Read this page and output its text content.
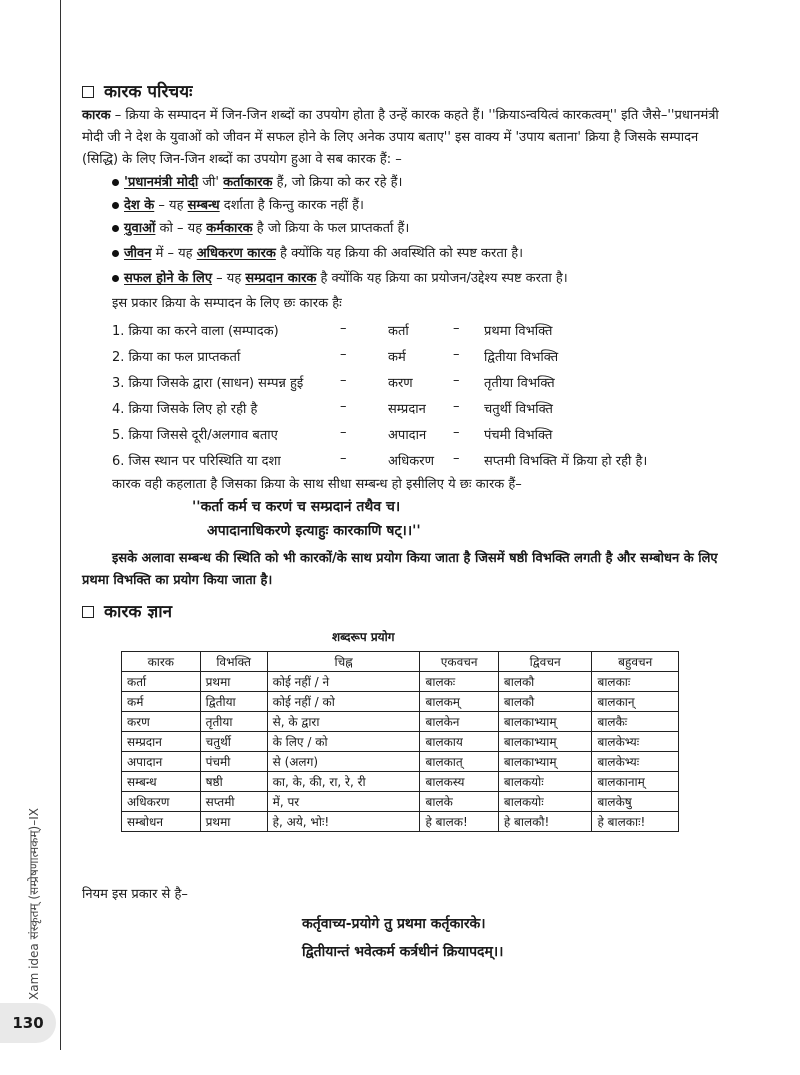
Xam idea संस्कृतम् (सम्प्रेषणात्मकम्)–IX
130
कारक परिचयः
कारक – क्रिया के सम्पादन में जिन-जिन शब्दों का उपयोग होता है उन्हें कारक कहते हैं। ''क्रियाऽन्वयित्वं कारकत्वम्'' इति जैसे–''प्रधानमंत्री मोदी जी ने देश के युवाओं को जीवन में सफल होने के लिए अनेक उपाय बताए'' इस वाक्य में 'उपाय बताना' क्रिया है जिसके सम्पादन (सिद्धि) के लिए जिन-जिन शब्दों का उपयोग हुआ वे सब कारक हैं: –
'प्रधानमंत्री मोदी जी' कर्ताकारक हैं, जो क्रिया को कर रहे हैं।
देश के – यह सम्बन्ध दर्शाता है किन्तु कारक नहीं हैं।
युवाओं को – यह कर्मकारक है जो क्रिया के फल प्राप्तकर्ता हैं।
जीवन में – यह अधिकरण कारक है क्योंकि यह क्रिया की अवस्थिति को स्पष्ट करता है।
सफल होने के लिए – यह सम्प्रदान कारक है क्योंकि यह क्रिया का प्रयोजन/उद्देश्य स्पष्ट करता है।
इस प्रकार क्रिया के सम्पादन के लिए छः कारक हैः
1. क्रिया का करने वाला (सम्पादक)	–	कर्ता	– प्रथमा विभक्ति
2. क्रिया का फल प्राप्तकर्ता	–	कर्म	– द्वितीया विभक्ति
3. क्रिया जिसके द्वारा (साधन) सम्पन्न हुई	–	करण	– तृतीया विभक्ति
4. क्रिया जिसके लिए हो रही है	–	सम्प्रदान – चतुर्थी विभक्ति
5. क्रिया जिससे दूरी/अलगाव बताए	–	अपादान – पंचमी विभक्ति
6. जिस स्थान पर परिस्थिति या दशा	–	अधिकरण – सप्तमी विभक्ति में क्रिया हो रही है।
कारक वही कहलाता है जिसका क्रिया के साथ सीधा सम्बन्ध हो इसीलिए ये छः कारक हैं–
''कर्ता कर्म च करणं च सम्प्रदानं तथैव च।
अपादानाधिकरणे इत्याहुः कारकाणि षट्।।''
इसके अलावा सम्बन्ध की स्थिति को भी कारकों/के साथ प्रयोग किया जाता है जिसमें षष्ठी विभक्ति लगती है और सम्बोधन के लिए प्रथमा विभक्ति का प्रयोग किया जाता है।
कारक ज्ञान
शब्दरूप प्रयोग
कारक	विभक्ति	चिह्न	एकवचन	द्विवचन	बहुवचन
कर्ता	प्रथमा	कोई नहीं / ने	बालकः	बालकौ	बालकाः
कर्म	द्वितीया	कोई नहीं / को	बालकम्	बालकौ	बालकान्
करण	तृतीया	से, के द्वारा	बालकेन	बालकाभ्याम्	बालकैः
सम्प्रदान	चतुर्थी	के लिए / को	बालकाय	बालकाभ्याम्	बालकेभ्यः
अपादान	पंचमी	से (अलग)	बालकात्	बालकाभ्याम्	बालकेभ्यः
सम्बन्ध	षष्ठी	का, के, की, रा, रे, री	बालकस्य	बालकयोः	बालकानाम्
अधिकरण	सप्तमी	में, पर	बालके	बालकयोः	बालकेषु
सम्बोधन	प्रथमा	हे, अये, भोः!	हे बालक!	हे बालकौ!	हे बालकाः!
नियम इस प्रकार से है–
कर्तृवाच्य-प्रयोगे तु प्रथमा कर्तृकारके।
द्वितीयान्तं भवेत्कर्म कर्त्रधीनं क्रियापदम्।।
